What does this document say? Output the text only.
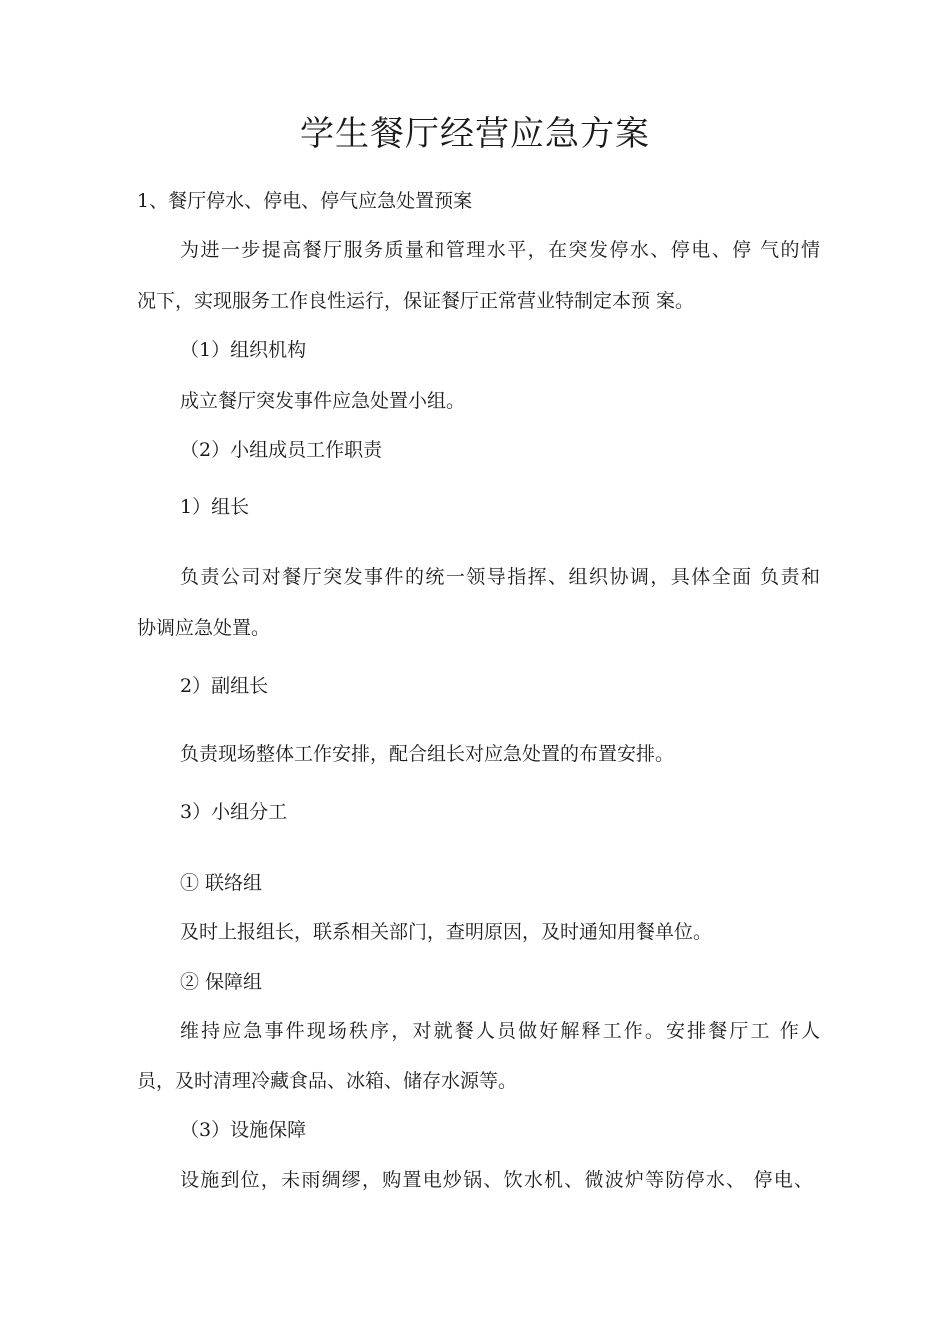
学生餐厅经营应急方案
1、餐厅停水、停电、停气应急处置预案
为进一步提高餐厅服务质量和管理水平，在突发停水、停电、停 气的情
况下，实现服务工作良性运行，保证餐厅正常营业特制定本预 案。
（1）组织机构
成立餐厅突发事件应急处置小组。
（2）小组成员工作职责
1）组长
负责公司对餐厅突发事件的统一领导指挥、组织协调，具体全面 负责和
协调应急处置。
2）副组长
负责现场整体工作安排，配合组长对应急处置的布置安排。
3）小组分工
① 联络组
及时上报组长，联系相关部门，查明原因，及时通知用餐单位。
② 保障组
维持应急事件现场秩序，对就餐人员做好解释工作。安排餐厅工 作人
员，及时清理冷藏食品、冰箱、储存水源等。
（3）设施保障
设施到位，未雨绸缪，购置电炒锅、饮水机、微波炉等防停水、 停电、
